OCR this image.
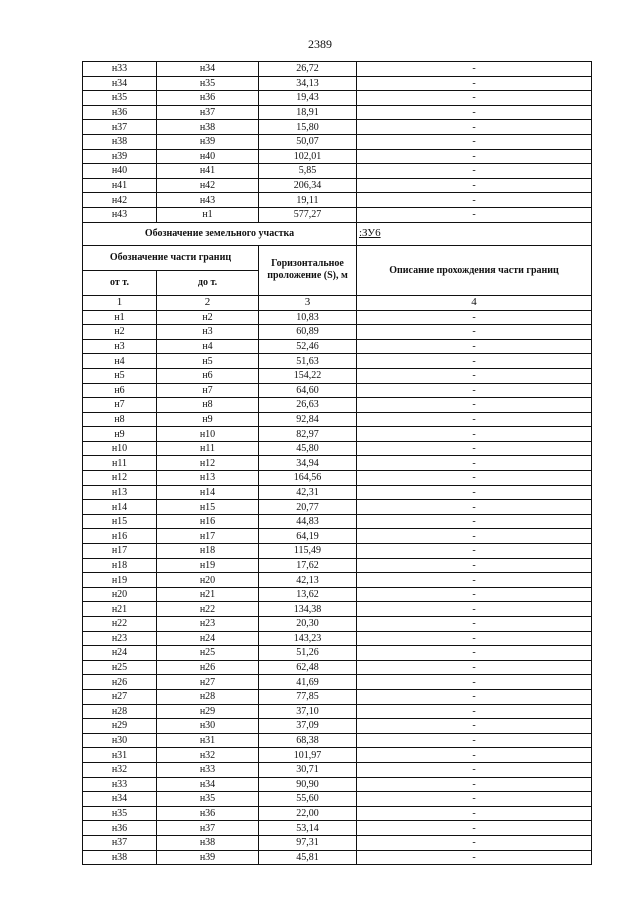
2389
н33	н34	26,72	-
н34	н35	34,13	-
н35	н36	19,43	-
н36	н37	18,91	-
н37	н38	15,80	-
н38	н39	50,07	-
н39	н40	102,01	-
н40	н41	5,85	-
н41	н42	206,34	-
н42	н43	19,11	-
н43	н1	577,27	-
Обозначение земельного участка			:ЗУ6
Обозначение части границ		Горизонтальное проложение (S), м	Описание прохождения части границ
от т.	до т.		
1	2	3	4
н1	н2	10,83	-
н2	н3	60,89	-
н3	н4	52,46	-
н4	н5	51,63	-
н5	н6	154,22	-
н6	н7	64,60	-
н7	н8	26,63	-
н8	н9	92,84	-
н9	н10	82,97	-
н10	н11	45,80	-
н11	н12	34,94	-
н12	н13	164,56	-
н13	н14	42,31	-
н14	н15	20,77	-
н15	н16	44,83	-
н16	н17	64,19	-
н17	н18	115,49	-
н18	н19	17,62	-
н19	н20	42,13	-
н20	н21	13,62	-
н21	н22	134,38	-
н22	н23	20,30	-
н23	н24	143,23	-
н24	н25	51,26	-
н25	н26	62,48	-
н26	н27	41,69	-
н27	н28	77,85	-
н28	н29	37,10	-
н29	н30	37,09	-
н30	н31	68,38	-
н31	н32	101,97	-
н32	н33	30,71	-
н33	н34	90,90	-
н34	н35	55,60	-
н35	н36	22,00	-
н36	н37	53,14	-
н37	н38	97,31	-
н38	н39	45,81	-
